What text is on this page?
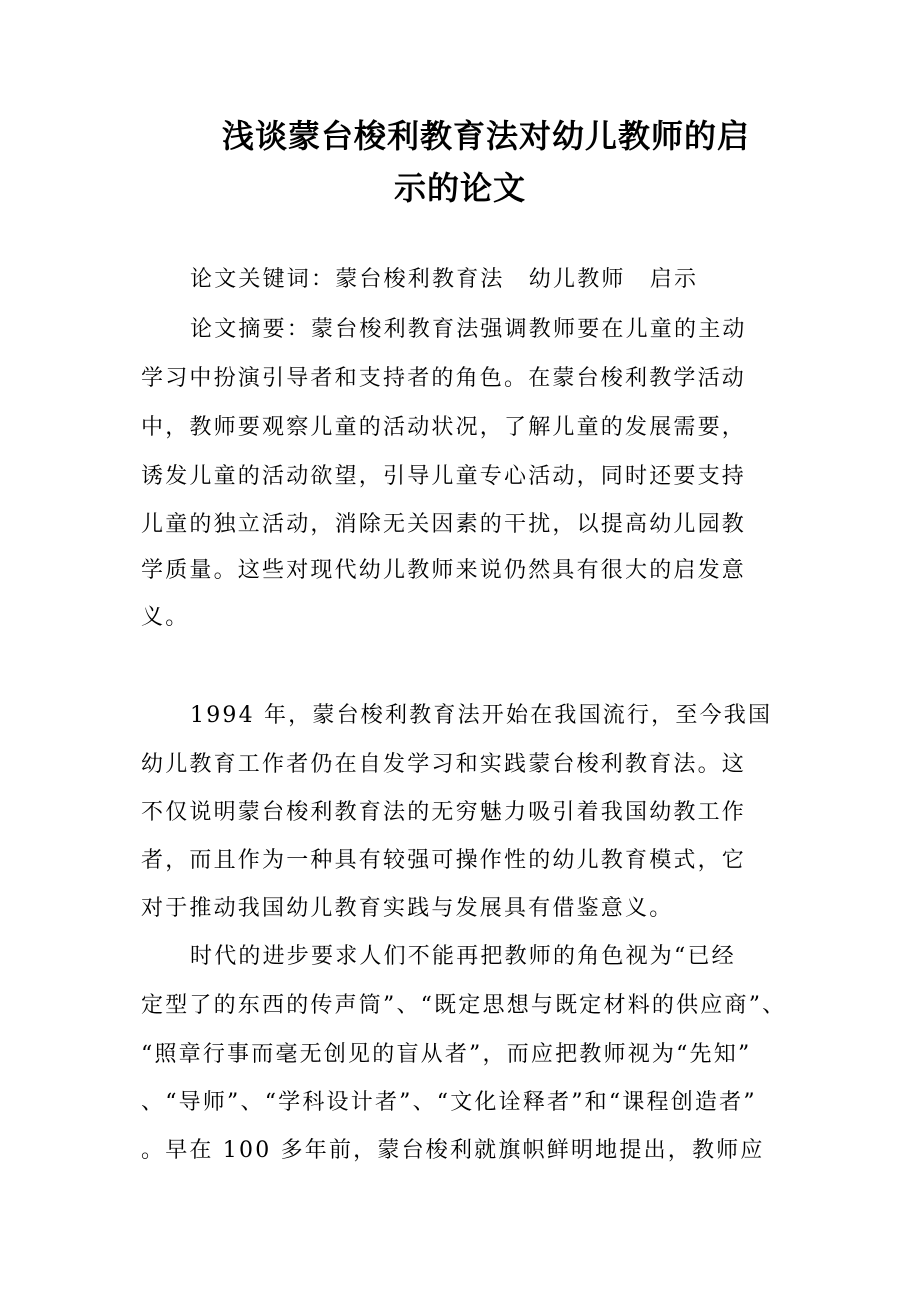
浅谈蒙台梭利教育法对幼儿教师的启
示的论文
论文关键词：蒙台梭利教育法　幼儿教师　启示
论文摘要：蒙台梭利教育法强调教师要在儿童的主动
学习中扮演引导者和支持者的角色。在蒙台梭利教学活动
中，教师要观察儿童的活动状况，了解儿童的发展需要，
诱发儿童的活动欲望，引导儿童专心活动，同时还要支持
儿童的独立活动，消除无关因素的干扰，以提高幼儿园教
学质量。这些对现代幼儿教师来说仍然具有很大的启发意
义。
1994 年，蒙台梭利教育法开始在我国流行，至今我国
幼儿教育工作者仍在自发学习和实践蒙台梭利教育法。这
不仅说明蒙台梭利教育法的无穷魅力吸引着我国幼教工作
者，而且作为一种具有较强可操作性的幼儿教育模式，它
对于推动我国幼儿教育实践与发展具有借鉴意义。
时代的进步要求人们不能再把教师的角色视为“已经
定型了的东西的传声筒”、“既定思想与既定材料的供应商”、
“照章行事而毫无创见的盲从者”，而应把教师视为“先知”
、“导师”、“学科设计者”、“文化诠释者”和“课程创造者”
。早在 100 多年前，蒙台梭利就旗帜鲜明地提出，教师应
